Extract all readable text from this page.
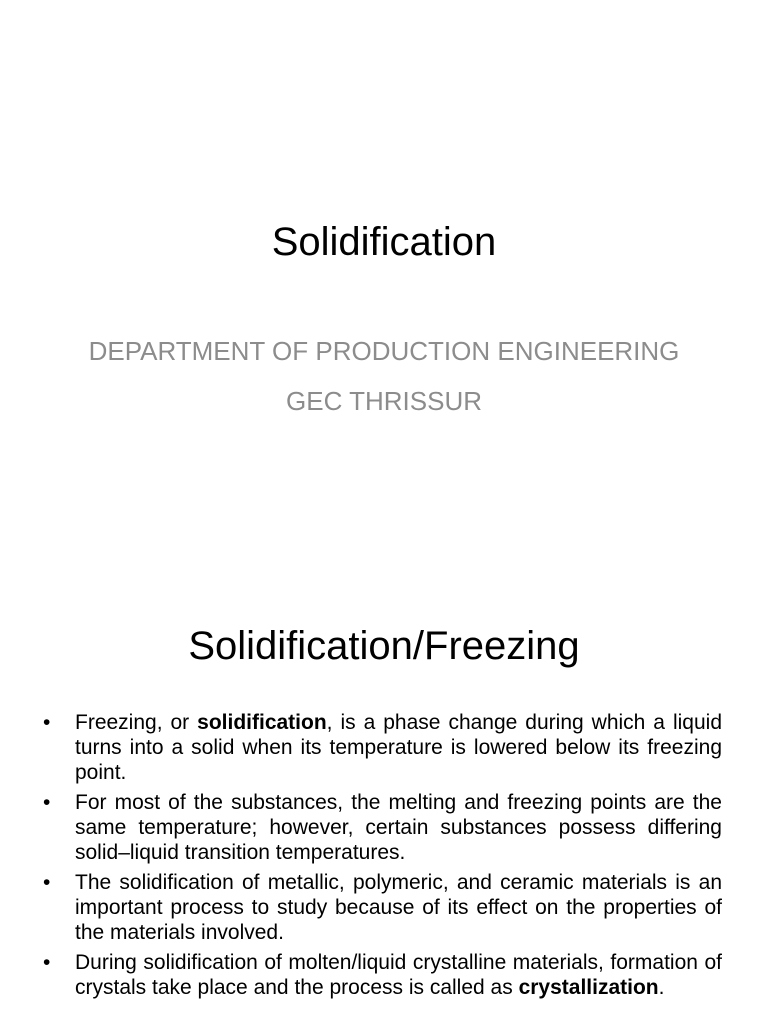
Solidification
DEPARTMENT OF PRODUCTION ENGINEERING
GEC THRISSUR
Solidification/Freezing
• Freezing, or solidification, is a phase change during which a liquid turns into a solid when its temperature is lowered below its freezing point.
• For most of the substances, the melting and freezing points are the same temperature; however, certain substances possess differing solid–liquid transition temperatures.
• The solidification of metallic, polymeric, and ceramic materials is an important process to study because of its effect on the properties of the materials involved.
• During solidification of molten/liquid crystalline materials, formation of crystals take place and the process is called as crystallization.
